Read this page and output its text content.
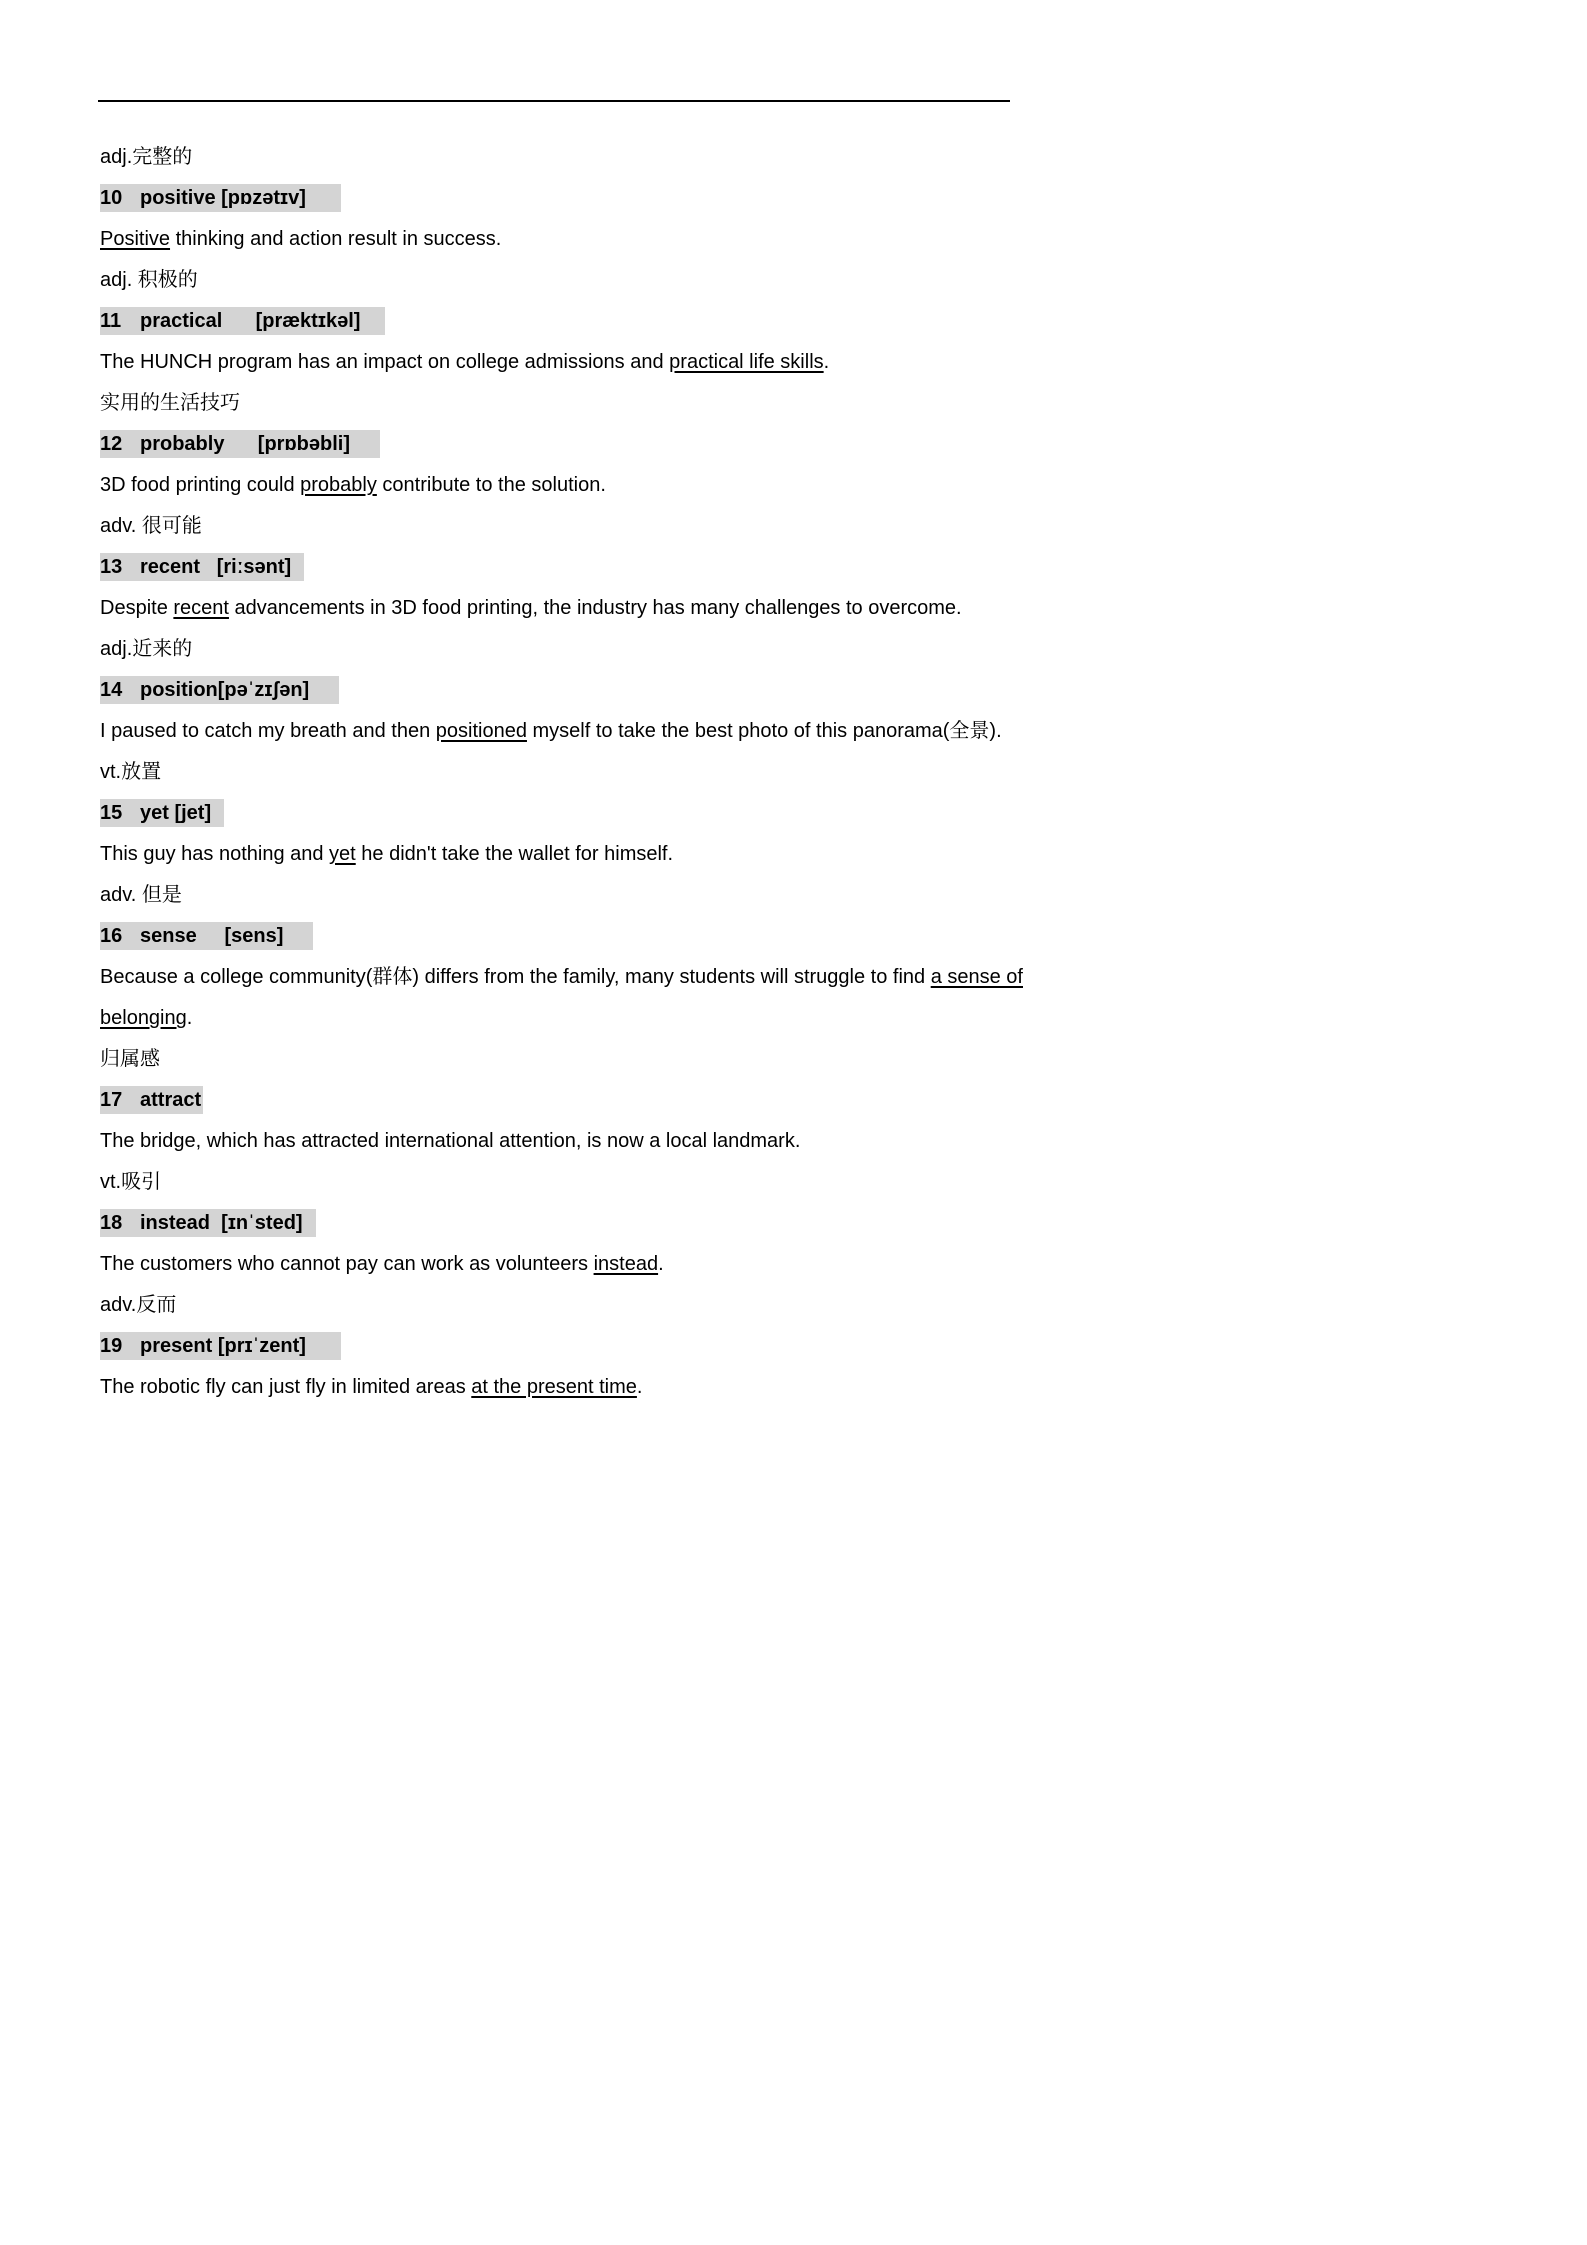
adj.完整的

10 positive [pɒzətɪv]

Positive thinking and action result in success.

adj. 积极的

11 practical [præktɪkəl]

The HUNCH program has an impact on college admissions and practical life skills.

实用的生活技巧

12 probably [prɒbəbli]

3D food printing could probably contribute to the solution.

adv. 很可能

13 recent [riːsənt]

Despite recent advancements in 3D food printing, the industry has many challenges to overcome.

adj.近来的

14 position[pəˈzɪʃən]

I paused to catch my breath and then positioned myself to take the best photo of this panorama(全景).

vt.放置

15 yet [jet]

This guy has nothing and yet he didn't take the wallet for himself.

adv. 但是

16 sense [sens]

Because a college community(群体) differs from the family, many students will struggle to find a sense of
belonging.

归属感

17 attract

The bridge, which has attracted international attention, is now a local landmark.

vt.吸引

18 instead [ɪnˈsted]

The customers who cannot pay can work as volunteers instead.

adv.反而

19 present [prɪˈzent]

The robotic fly can just fly in limited areas at the present time.
